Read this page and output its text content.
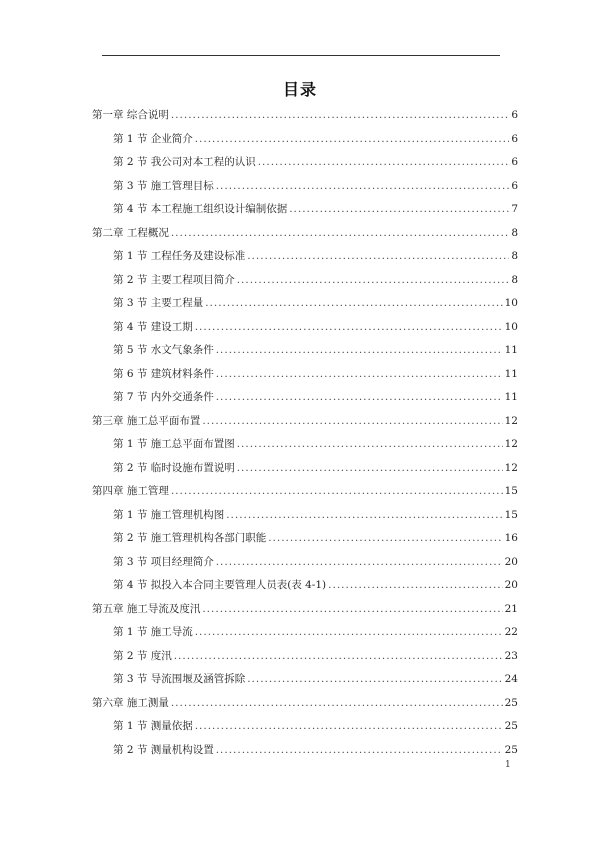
目录
第一章 综合说明 .....	6
第 1 节 企业简介 .....	6
第 2 节 我公司对本工程的认识 .....	6
第 3 节 施工管理目标 .....	6
第 4 节 本工程施工组织设计编制依据 .....	7
第二章 工程概况 .....	8
第 1 节 工程任务及建设标准 .....	8
第 2 节 主要工程项目简介 .....	8
第 3 节 主要工程量 .....	10
第 4 节 建设工期 .....	10
第 5 节 水文气象条件 .....	11
第 6 节 建筑材料条件 .....	11
第 7 节 内外交通条件 .....	11
第三章 施工总平面布置 .....	12
第 1 节 施工总平面布置图 .....	12
第 2 节 临时设施布置说明 .....	12
第四章 施工管理 .....	15
第 1 节 施工管理机构图 .....	15
第 2 节 施工管理机构各部门职能 .....	16
第 3 节 项目经理简介 .....	20
第 4 节 拟投入本合同主要管理人员表(表 4-1) .....	20
第五章 施工导流及度汛 .....	21
第 1 节 施工导流 .....	22
第 2 节 度汛 .....	23
第 3 节 导流围堰及涵管拆除 .....	24
第六章 施工测量 .....	25
第 1 节 测量依据 .....	25
第 2 节 测量机构设置 .....	25
1
